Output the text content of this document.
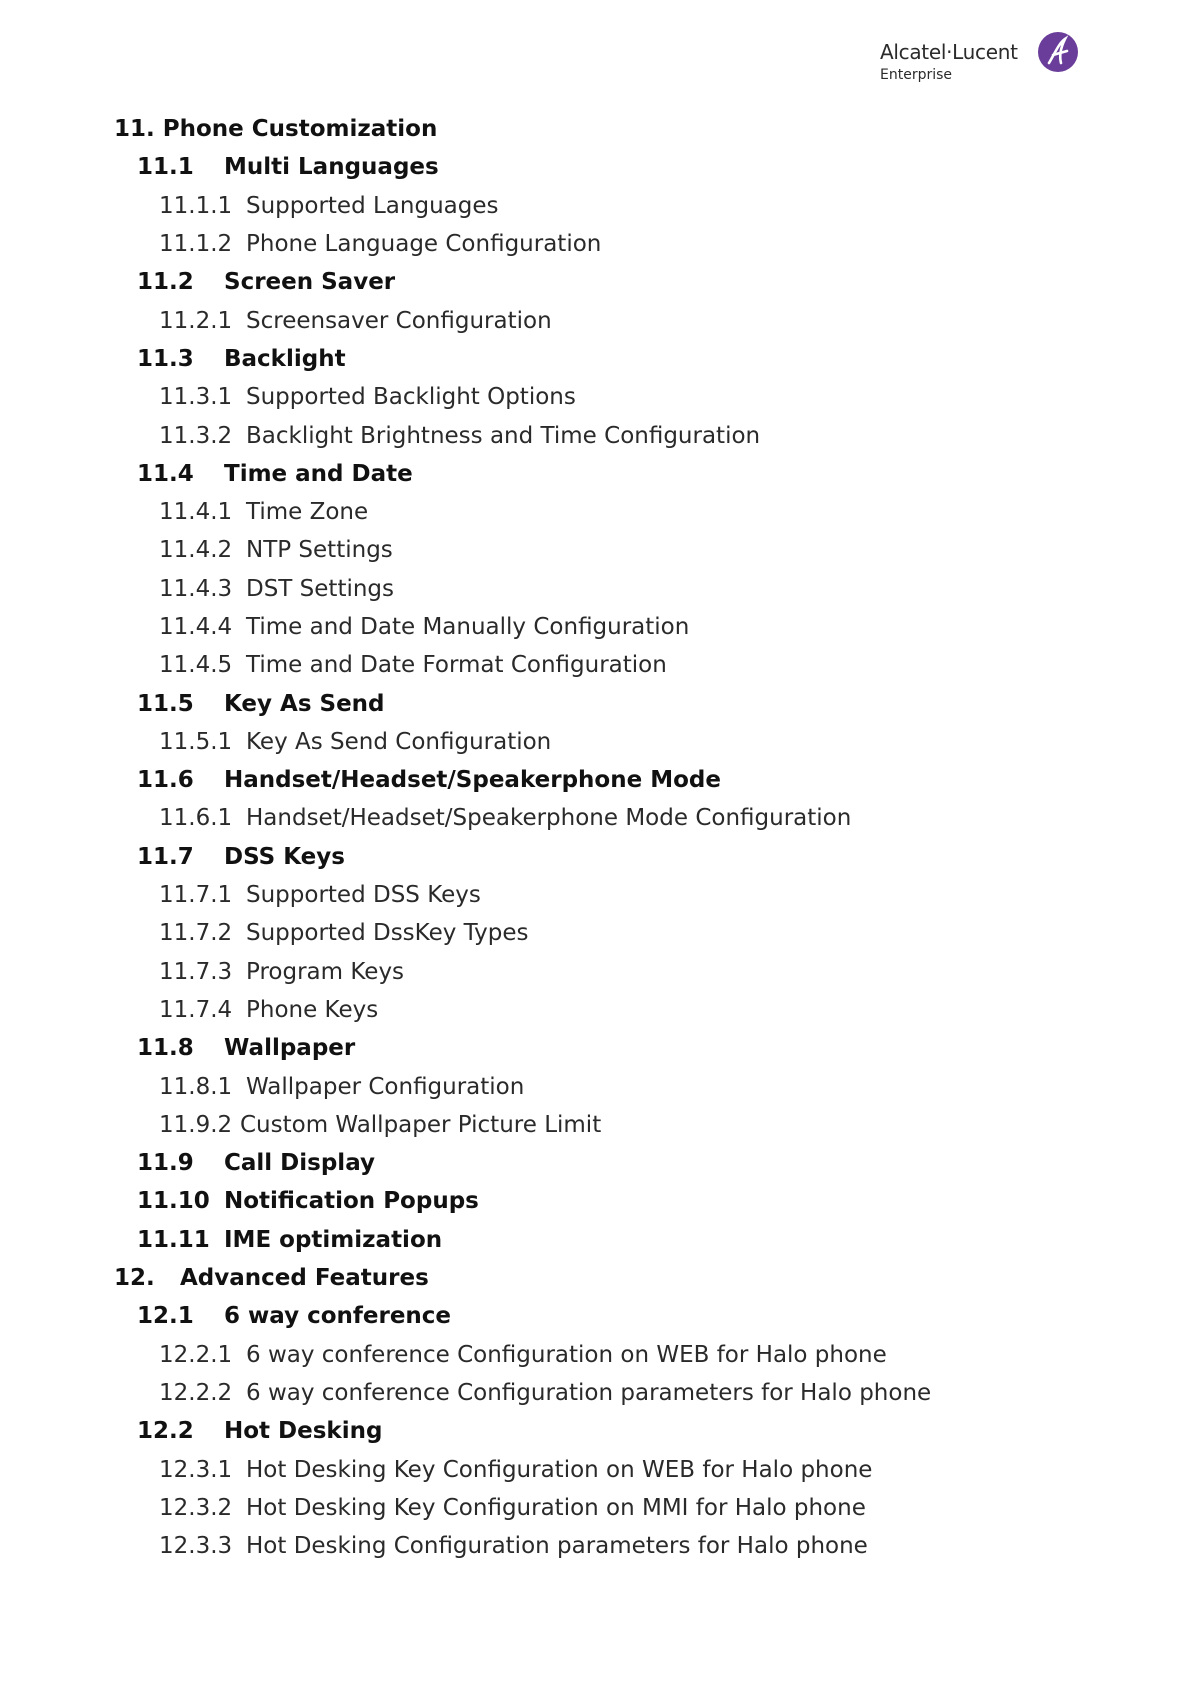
Alcatel·Lucent
Enterprise
11. Phone Customization
11.1 Multi Languages
11.1.1 Supported Languages
11.1.2 Phone Language Configuration
11.2 Screen Saver
11.2.1 Screensaver Configuration
11.3 Backlight
11.3.1 Supported Backlight Options
11.3.2 Backlight Brightness and Time Configuration
11.4 Time and Date
11.4.1 Time Zone
11.4.2 NTP Settings
11.4.3 DST Settings
11.4.4 Time and Date Manually Configuration
11.4.5 Time and Date Format Configuration
11.5 Key As Send
11.5.1 Key As Send Configuration
11.6 Handset/Headset/Speakerphone Mode
11.6.1 Handset/Headset/Speakerphone Mode Configuration
11.7 DSS Keys
11.7.1 Supported DSS Keys
11.7.2 Supported DssKey Types
11.7.3 Program Keys
11.7.4 Phone Keys
11.8 Wallpaper
11.8.1 Wallpaper Configuration
11.9.2 Custom Wallpaper Picture Limit
11.9 Call Display
11.10 Notification Popups
11.11 IME optimization
12. Advanced Features
12.1 6 way conference
12.2.1 6 way conference Configuration on WEB for Halo phone
12.2.2 6 way conference Configuration parameters for Halo phone
12.2 Hot Desking
12.3.1 Hot Desking Key Configuration on WEB for Halo phone
12.3.2 Hot Desking Key Configuration on MMI for Halo phone
12.3.3 Hot Desking Configuration parameters for Halo phone
